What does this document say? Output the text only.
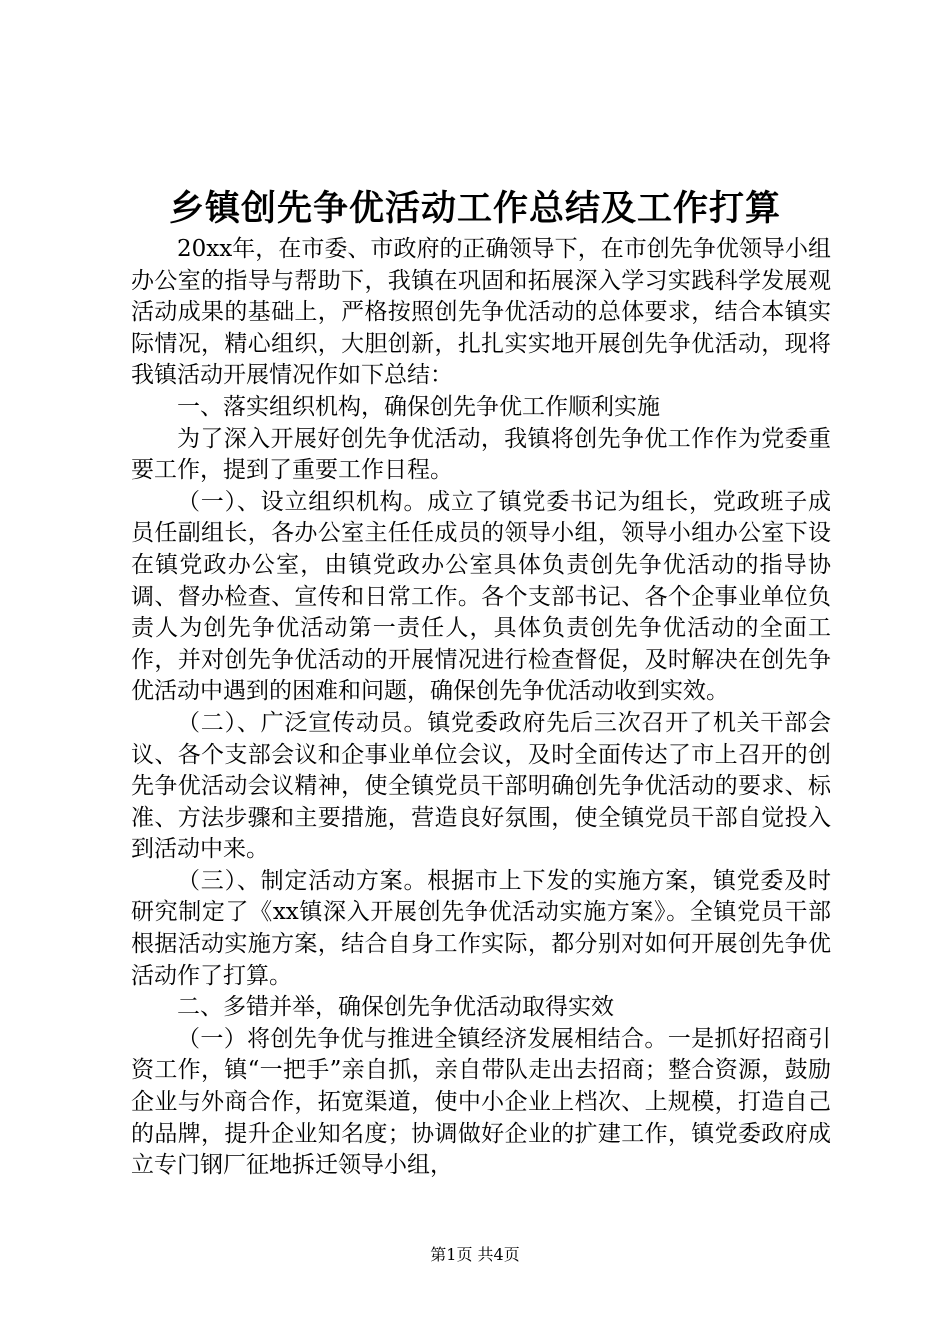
乡镇创先争优活动工作总结及工作打算

20xx年，在市委、市政府的正确领导下，在市创先争优领导小组办公室的指导与帮助下，我镇在巩固和拓展深入学习实践科学发展观活动成果的基础上，严格按照创先争优活动的总体要求，结合本镇实际情况，精心组织，大胆创新，扎扎实实地开展创先争优活动，现将我镇活动开展情况作如下总结：

一、落实组织机构，确保创先争优工作顺利实施

为了深入开展好创先争优活动，我镇将创先争优工作作为党委重要工作，提到了重要工作日程。

（一）、设立组织机构。成立了镇党委书记为组长，党政班子成员任副组长，各办公室主任任成员的领导小组，领导小组办公室下设在镇党政办公室，由镇党政办公室具体负责创先争优活动的指导协调、督办检查、宣传和日常工作。各个支部书记、各个企事业单位负责人为创先争优活动第一责任人，具体负责创先争优活动的全面工作，并对创先争优活动的开展情况进行检查督促，及时解决在创先争优活动中遇到的困难和问题，确保创先争优活动收到实效。

（二）、广泛宣传动员。镇党委政府先后三次召开了机关干部会议、各个支部会议和企事业单位会议，及时全面传达了市上召开的创先争优活动会议精神，使全镇党员干部明确创先争优活动的要求、标准、方法步骤和主要措施，营造良好氛围，使全镇党员干部自觉投入到活动中来。

（三）、制定活动方案。根据市上下发的实施方案，镇党委及时研究制定了《xx镇深入开展创先争优活动实施方案》。全镇党员干部根据活动实施方案，结合自身工作实际，都分别对如何开展创先争优活动作了打算。

二、多错并举，确保创先争优活动取得实效

（一）将创先争优与推进全镇经济发展相结合。一是抓好招商引资工作，镇“一把手”亲自抓，亲自带队走出去招商；整合资源，鼓励企业与外商合作，拓宽渠道，使中小企业上档次、上规模，打造自己的品牌，提升企业知名度；协调做好企业的扩建工作，镇党委政府成立专门钢厂征地拆迁领导小组，

第1页 共4页
